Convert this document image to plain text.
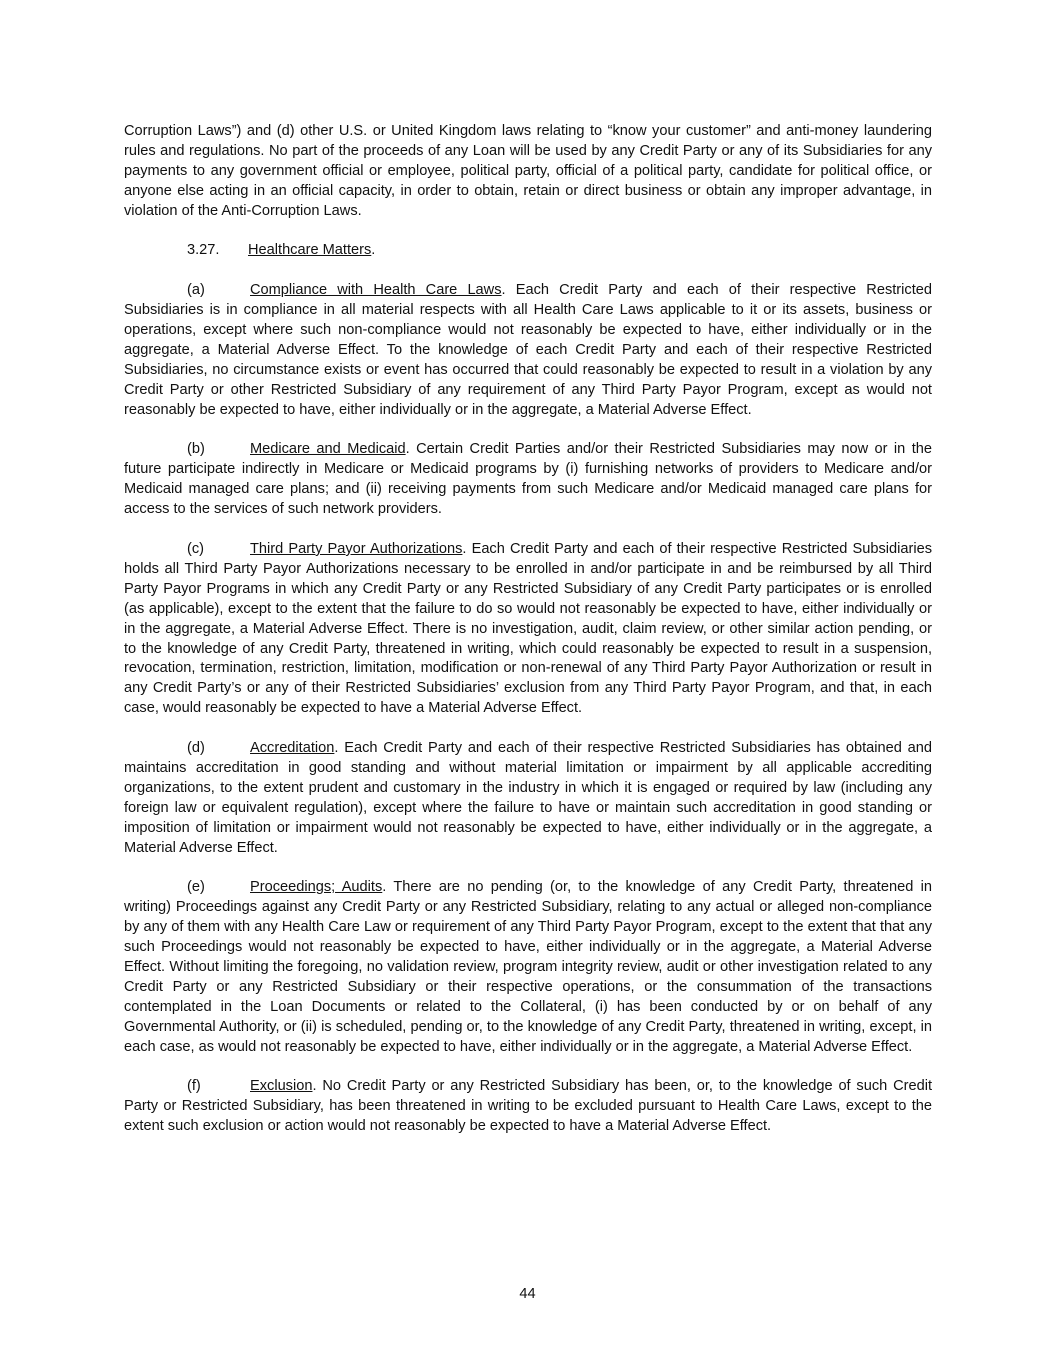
Corruption Laws”) and (d) other U.S. or United Kingdom laws relating to “know your customer” and anti-money laundering rules and regulations. No part of the proceeds of any Loan will be used by any Credit Party or any of its Subsidiaries for any payments to any government official or employee, political party, official of a political party, candidate for political office, or anyone else acting in an official capacity, in order to obtain, retain or direct business or obtain any improper advantage, in violation of the Anti-Corruption Laws.

3.27. Healthcare Matters.

(a)	Compliance with Health Care Laws. Each Credit Party and each of their respective Restricted Subsidiaries is in compliance in all material respects with all Health Care Laws applicable to it or its assets, business or operations, except where such non-compliance would not reasonably be expected to have, either individually or in the aggregate, a Material Adverse Effect. To the knowledge of each Credit Party and each of their respective Restricted Subsidiaries, no circumstance exists or event has occurred that could reasonably be expected to result in a violation by any Credit Party or other Restricted Subsidiary of any requirement of any Third Party Payor Program, except as would not reasonably be expected to have, either individually or in the aggregate, a Material Adverse Effect.

(b)	Medicare and Medicaid. Certain Credit Parties and/or their Restricted Subsidiaries may now or in the future participate indirectly in Medicare or Medicaid programs by (i) furnishing networks of providers to Medicare and/or Medicaid managed care plans; and (ii) receiving payments from such Medicare and/or Medicaid managed care plans for access to the services of such network providers.

(c)	Third Party Payor Authorizations. Each Credit Party and each of their respective Restricted Subsidiaries holds all Third Party Payor Authorizations necessary to be enrolled in and/or participate in and be reimbursed by all Third Party Payor Programs in which any Credit Party or any Restricted Subsidiary of any Credit Party participates or is enrolled (as applicable), except to the extent that the failure to do so would not reasonably be expected to have, either individually or in the aggregate, a Material Adverse Effect. There is no investigation, audit, claim review, or other similar action pending, or to the knowledge of any Credit Party, threatened in writing, which could reasonably be expected to result in a suspension, revocation, termination, restriction, limitation, modification or non-renewal of any Third Party Payor Authorization or result in any Credit Party’s or any of their Restricted Subsidiaries’ exclusion from any Third Party Payor Program, and that, in each case, would reasonably be expected to have a Material Adverse Effect.

(d)	Accreditation. Each Credit Party and each of their respective Restricted Subsidiaries has obtained and maintains accreditation in good standing and without material limitation or impairment by all applicable accrediting organizations, to the extent prudent and customary in the industry in which it is engaged or required by law (including any foreign law or equivalent regulation), except where the failure to have or maintain such accreditation in good standing or imposition of limitation or impairment would not reasonably be expected to have, either individually or in the aggregate, a Material Adverse Effect.

(e)	Proceedings; Audits. There are no pending (or, to the knowledge of any Credit Party, threatened in writing) Proceedings against any Credit Party or any Restricted Subsidiary, relating to any actual or alleged non-compliance by any of them with any Health Care Law or requirement of any Third Party Payor Program, except to the extent that that any such Proceedings would not reasonably be expected to have, either individually or in the aggregate, a Material Adverse Effect. Without limiting the foregoing, no validation review, program integrity review, audit or other investigation related to any Credit Party or any Restricted Subsidiary or their respective operations, or the consummation of the transactions contemplated in the Loan Documents or related to the Collateral, (i) has been conducted by or on behalf of any Governmental Authority, or (ii) is scheduled, pending or, to the knowledge of any Credit Party, threatened in writing, except, in each case, as would not reasonably be expected to have, either individually or in the aggregate, a Material Adverse Effect.

(f)	Exclusion. No Credit Party or any Restricted Subsidiary has been, or, to the knowledge of such Credit Party or Restricted Subsidiary, has been threatened in writing to be excluded pursuant to Health Care Laws, except to the extent such exclusion or action would not reasonably be expected to have a Material Adverse Effect.

44
